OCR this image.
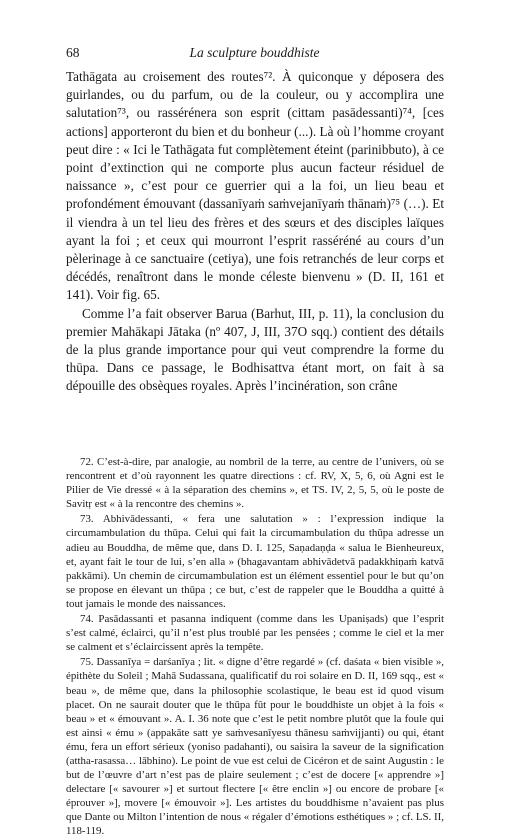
68	La sculpture bouddhiste

Tathāgata au croisement des routes⁷². À quiconque y déposera des guirlandes, ou du parfum, ou de la couleur, ou y accomplira une salutation⁷³, ou rassérénera son esprit (cittam pasādessanti)⁷⁴, [ces actions] apporteront du bien et du bonheur (...). Là où l’homme croyant peut dire : « Ici le Tathāgata fut complètement éteint (parinibbuto), à ce point d’extinction qui ne comporte plus aucun facteur résiduel de naissance », c’est pour ce guerrier qui a la foi, un lieu beau et profondément émouvant (dassanīyaṁ saṁvejanīyaṁ thānaṁ)⁷⁵ (…). Et il viendra à un tel lieu des frères et des sœurs et des disciples laïques ayant la foi ; et ceux qui mourront l’esprit rasséréné au cours d’un pèlerinage à ce sanctuaire (cetiya), une fois retranchés de leur corps et décédés, renaîtront dans le monde céleste bienvenu » (D. II, 161 et 141). Voir fig. 65.

Comme l’a fait observer Barua (Barhut, III, p. 11), la conclusion du premier Mahākapi Jātaka (nº 407, J, III, 37O sqq.) contient des détails de la plus grande importance pour qui veut comprendre la forme du thūpa. Dans ce passage, le Bodhisattva étant mort, on fait à sa dépouille des obsèques royales. Après l’incinération, son crâne

72. C’est-à-dire, par analogie, au nombril de la terre, au centre de l’univers, où se rencontrent et d’où rayonnent les quatre directions : cf. RV, X, 5, 6, où Agni est le Pilier de Vie dressé « à la séparation des chemins », et TS. IV, 2, 5, 5, où le poste de Savitṛ est « à la rencontre des chemins ».

73. Abhivādessanti, « fera une salutation » : l’expression indique la circumambulation du thūpa. Celui qui fait la circumambulation du thūpa adresse un adieu au Bouddha, de même que, dans D. I. 125, Saṇadaṇḍa « salua le Bienheureux, et, ayant fait le tour de lui, s’en alla » (bhagavantam abhivādetvā padakkhiṇaṁ katvā pakkāmi). Un chemin de circumambulation est un élément essentiel pour le but qu’on se propose en élevant un thūpa ; ce but, c’est de rappeler que le Bouddha a quitté à tout jamais le monde des naissances.

74. Pasādassanti et pasanna indiquent (comme dans les Upaniṣads) que l’esprit s’est calmé, éclairci, qu’il n’est plus troublé par les pensées ; comme le ciel et la mer se calment et s’éclaircissent après la tempête.

75. Dassanīya = darśanīya ; lit. « digne d’être regardé » (cf. daśata « bien visible », épithète du Soleil ; Mahā Sudassana, qualificatif du roi solaire en D. II, 169 sqq., est « beau », de même que, dans la philosophie scolastique, le beau est id quod visum placet. On ne saurait douter que le thūpa fût pour le bouddhiste un objet à la fois « beau » et « émouvant ». A. I. 36 note que c’est le petit nombre plutôt que la foule qui est ainsi « ému » (appakāte satt ye saṁvesanīyesu thānesu saṁvijjanti) ou qui, étant ému, fera un effort sérieux (yoniso padahanti), ou saisira la saveur de la signification (attha-rasassa… lābhino). Le point de vue est celui de Cicéron et de saint Augustin : le but de l’œuvre d’art n’est pas de plaire seulement ; c’est de docere [« apprendre »] delectare [« savourer »] et surtout flectere [« être enclin »] ou encore de probare [« éprouver »], movere [« émouvoir »]. Les artistes du bouddhisme n’avaient pas plus que Dante ou Milton l’intention de nous « régaler d’émotions esthétiques » ; cf. LS. II, 118-119.
